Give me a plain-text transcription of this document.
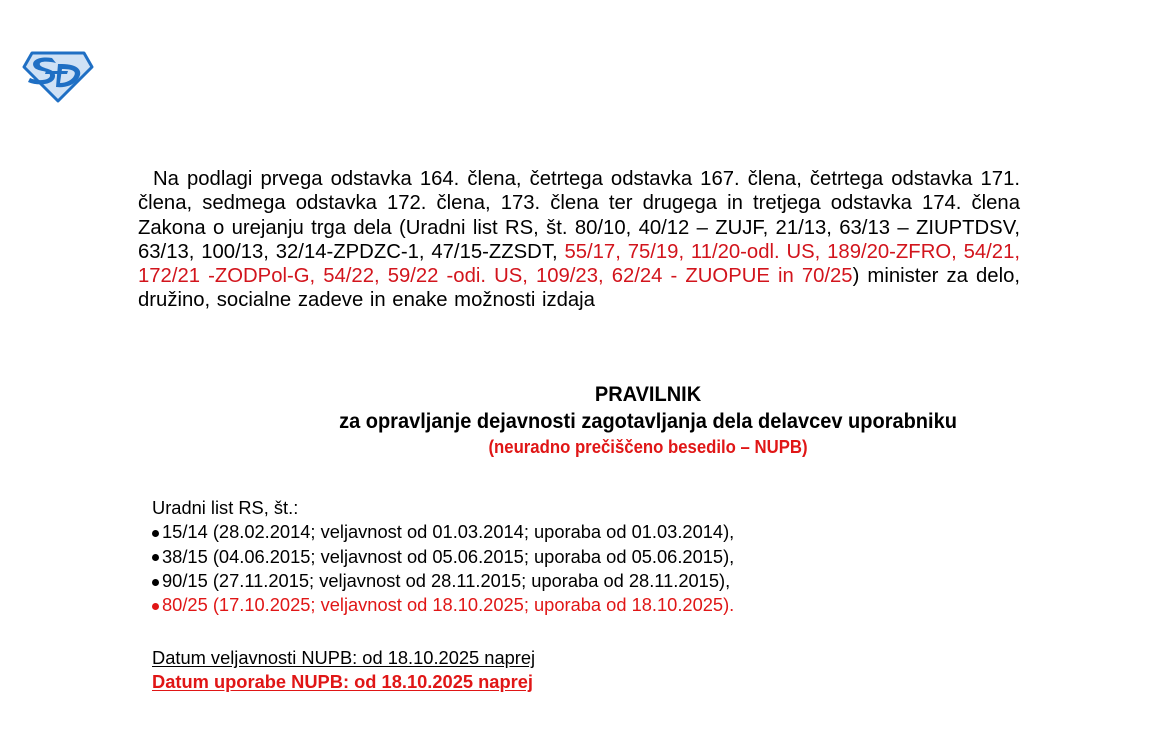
Na podlagi prvega odstavka 164. člena, četrtega odstavka 167. člena, četrtega odstavka 171. člena, sedmega odstavka 172. člena, 173. člena ter drugega in tretjega odstavka 174. člena Zakona o urejanju trga dela (Uradni list RS, št. 80/10, 40/12 – ZUJF, 21/13, 63/13 – ZIUPTDSV, 63/13, 100/13, 32/14-ZPDZC-1, 47/15-ZZSDT, 55/17, 75/19, 11/20-odl. US, 189/20-ZFRO, 54/21, 172/21 -ZODPol-G, 54/22, 59/22 -odi. US, 109/23, 62/24 - ZUOPUE in 70/25) minister za delo, družino, socialne zadeve in enake možnosti izdaja
PRAVILNIK
za opravljanje dejavnosti zagotavljanja dela delavcev uporabniku
(neuradno prečiščeno besedilo – NUPB)
Uradni list RS, št.:
15/14 (28.02.2014; veljavnost od 01.03.2014; uporaba od 01.03.2014),
38/15 (04.06.2015; veljavnost od 05.06.2015; uporaba od 05.06.2015),
90/15 (27.11.2015; veljavnost od 28.11.2015; uporaba od 28.11.2015),
80/25 (17.10.2025; veljavnost od 18.10.2025; uporaba od 18.10.2025).
Datum veljavnosti NUPB: od 18.10.2025 naprej
Datum uporabe NUPB: od 18.10.2025 naprej
